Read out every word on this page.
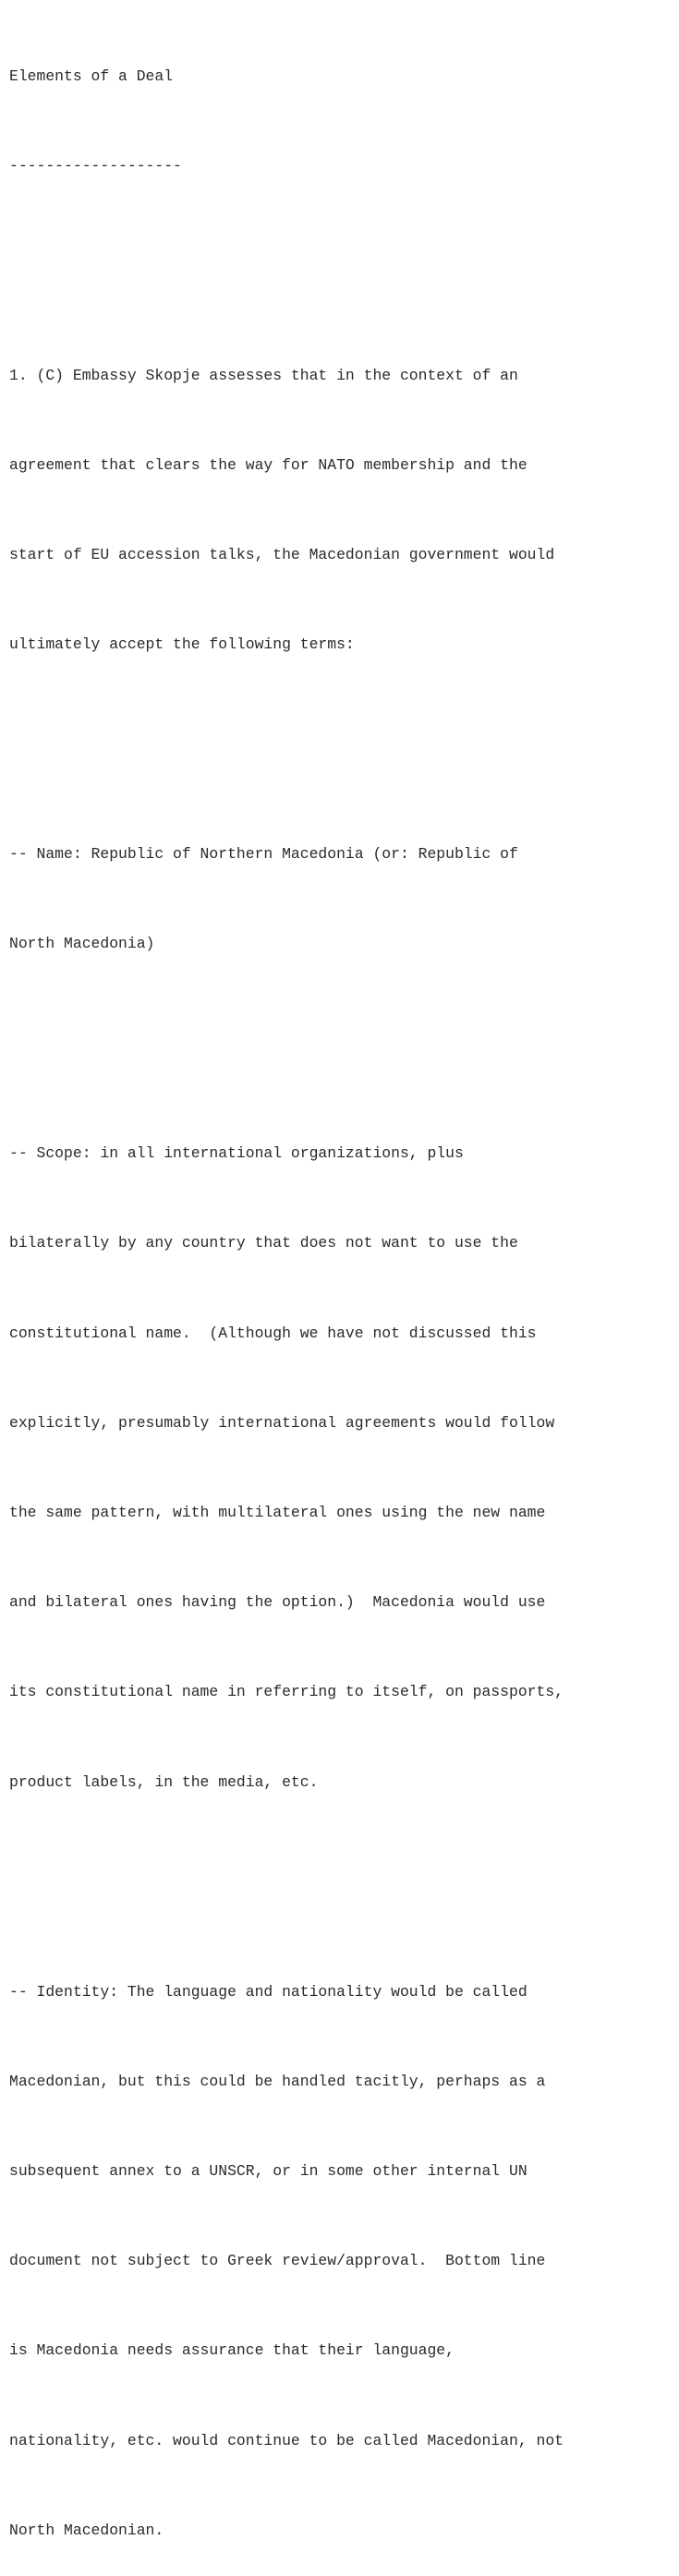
Elements of a Deal

-------------------

1. (C) Embassy Skopje assesses that in the context of an

agreement that clears the way for NATO membership and the

start of EU accession talks, the Macedonian government would

ultimately accept the following terms:

-- Name: Republic of Northern Macedonia (or: Republic of

North Macedonia)

-- Scope: in all international organizations, plus

bilaterally by any country that does not want to use the

constitutional name.  (Although we have not discussed this

explicitly, presumably international agreements would follow

the same pattern, with multilateral ones using the new name

and bilateral ones having the option.)  Macedonia would use

its constitutional name in referring to itself, on passports,

product labels, in the media, etc.

-- Identity: The language and nationality would be called

Macedonian, but this could be handled tacitly, perhaps as a

subsequent annex to a UNSCR, or in some other internal UN

document not subject to Greek review/approval.  Bottom line

is Macedonia needs assurance that their language,

nationality, etc. would continue to be called Macedonian, not

North Macedonian.
